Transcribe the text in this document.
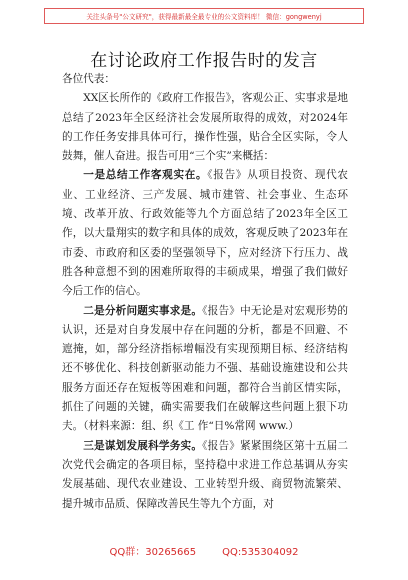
关注头条号"公文研究"，获得最新最全最专业的公文资料库！ 微信：gongwenyj
在讨论政府工作报告时的发言

各位代表：

XX区长所作的《政府工作报告》，客观公正、实事求是地总结了2023年全区经济社会发展所取得的成效，对2024年的工作任务安排具体可行，操作性强，贴合全区实际，令人鼓舞，催人奋进。报告可用“三个实”来概括：

一是总结工作客观实在。《报告》从项目投资、现代农业、工业经济、三产发展、城市建管、社会事业、生态环境、改革开放、行政效能等九个方面总结了2023年全区工作，以大量翔实的数字和具体的成效，客观反映了2023年在市委、市政府和区委的坚强领导下，应对经济下行压力、战胜各种意想不到的困难所取得的丰硕成果，增强了我们做好今后工作的信心。

二是分析问题实事求是。《报告》中无论是对宏观形势的认识，还是对自身发展中存在问题的分析，都是不回避、不遮掩，如，部分经济指标增幅没有实现预期目标、经济结构还不够优化、科技创新驱动能力不强、基础设施建设和公共服务方面还存在短板等困难和问题，都符合当前区情实际，抓住了问题的关键，确实需要我们在破解这些问题上狠下功夫。（材料来源：组、织《工 作“日%常网 www.）

三是谋划发展科学务实。《报告》紧紧围绕区第十五届二次党代会确定的各项目标，坚持稳中求进工作总基调从夯实发展基础、现代农业建设、工业转型升级、商贸物流繁荣、提升城市品质、保障改善民生等九个方面，对

QQ群：30265665	QQ:535304092
